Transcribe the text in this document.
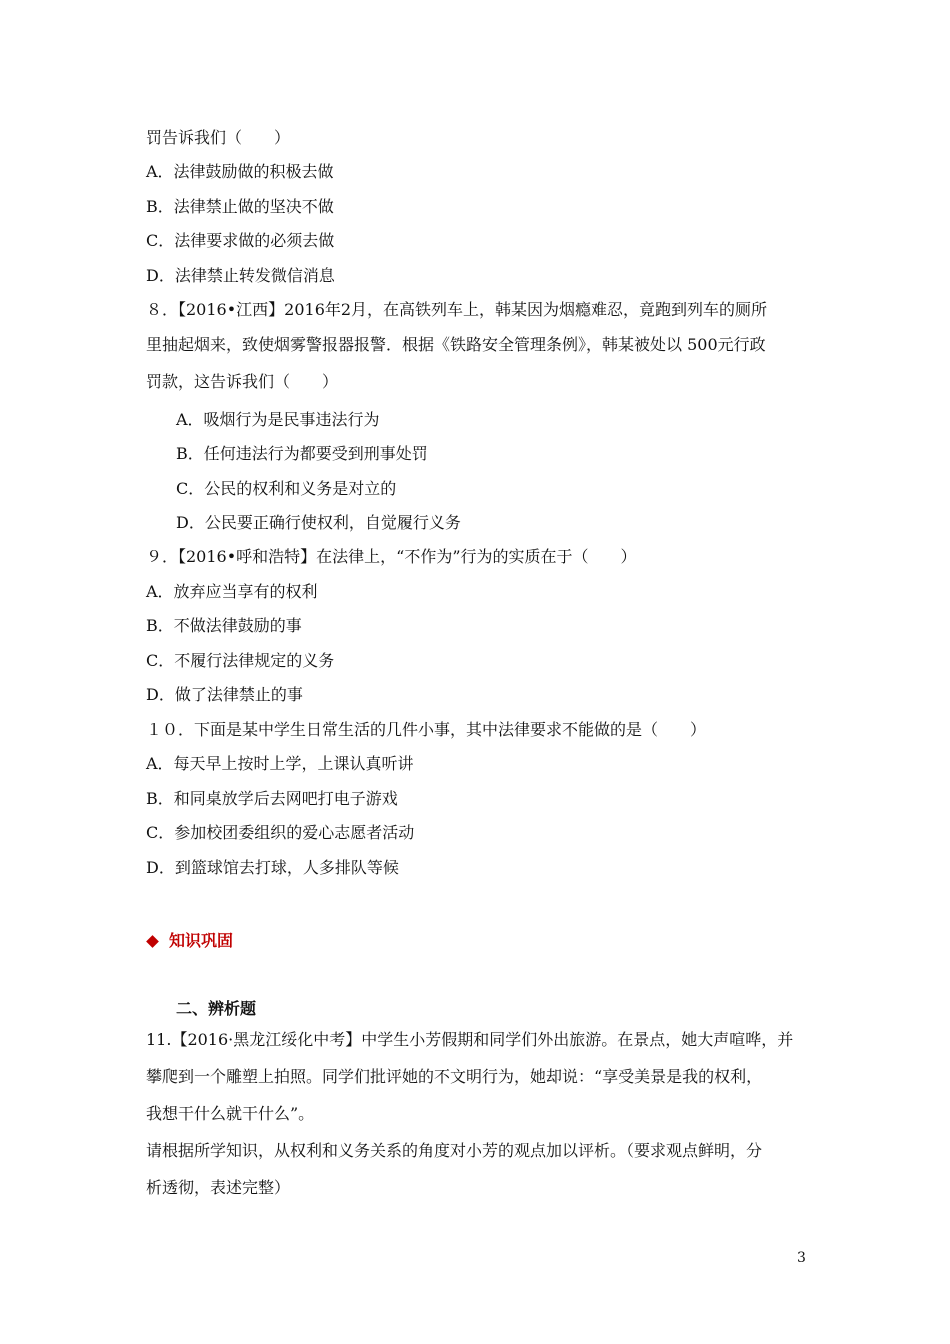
罚告诉我们（　　）
A．法律鼓励做的积极去做
B．法律禁止做的坚决不做
C．法律要求做的必须去做
D．法律禁止转发微信消息
８．【2016•江西】2016年2月，在高铁列车上，韩某因为烟瘾难忍，竟跑到列车的厕所
里抽起烟来，致使烟雾警报器报警．根据《铁路安全管理条例》，韩某被处以 500元行政
罚款，这告诉我们（　　）
A．吸烟行为是民事违法行为
B．任何违法行为都要受到刑事处罚
C．公民的权利和义务是对立的
D．公民要正确行使权利，自觉履行义务
９．【2016•呼和浩特】在法律上，“不作为”行为的实质在于（　　）
A．放弃应当享有的权利
B．不做法律鼓励的事
C．不履行法律规定的义务
D．做了法律禁止的事
１０．下面是某中学生日常生活的几件小事，其中法律要求不能做的是（　　）
A．每天早上按时上学，上课认真听讲
B．和同桌放学后去网吧打电子游戏
C．参加校团委组织的爱心志愿者活动
D．到篮球馆去打球，人多排队等候
知识巩固
二、辨析题
11.【2016·黑龙江绥化中考】中学生小芳假期和同学们外出旅游。在景点，她大声喧哗，并
攀爬到一个雕塑上拍照。同学们批评她的不文明行为，她却说：“享受美景是我的权利，
我想干什么就干什么”。
请根据所学知识，从权利和义务关系的角度对小芳的观点加以评析。（要求观点鲜明，分
析透彻，表述完整）
3
